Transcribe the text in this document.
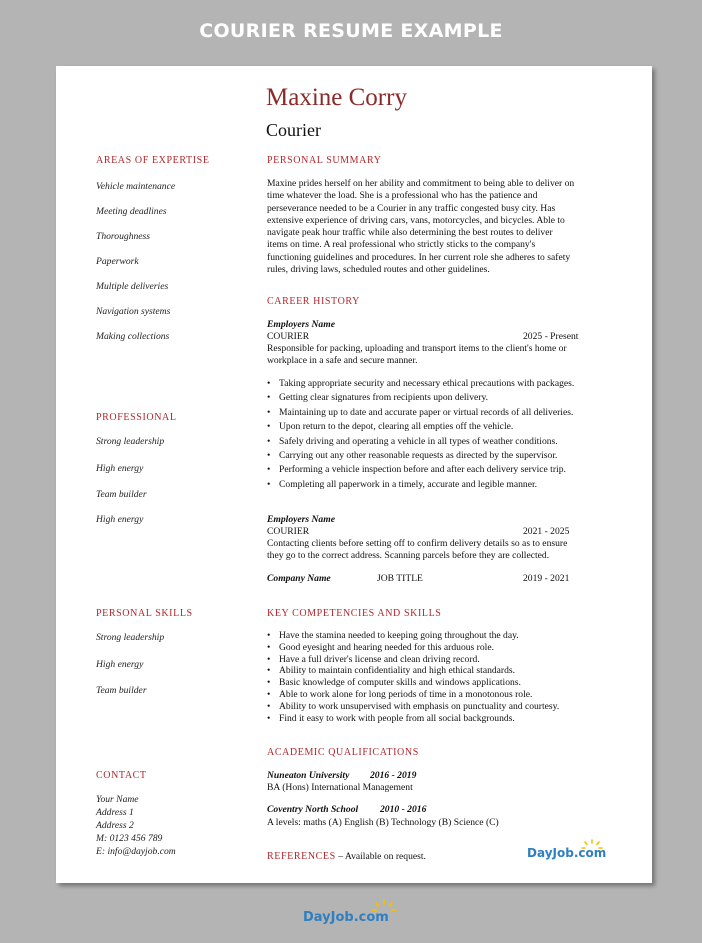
COURIER RESUME EXAMPLE
Maxine Corry
Courier
AREAS OF EXPERTISE
Vehicle maintenance
Meeting deadlines
Thoroughness
Paperwork
Multiple deliveries
Navigation systems
Making collections
PROFESSIONAL
Strong leadership
High energy
Team builder
High energy
PERSONAL SKILLS
Strong leadership
High energy
Team builder
CONTACT
Your Name
Address 1
Address 2
M: 0123 456 789
E: info@dayjob.com
PERSONAL SUMMARY
Maxine prides herself on her ability and commitment to being able to deliver on
time whatever the load. She is a professional who has the patience and
perseverance needed to be a Courier in any traffic congested busy city. Has
extensive experience of driving cars, vans, motorcycles, and bicycles. Able to
navigate peak hour traffic while also determining the best routes to deliver
items on time. A real professional who strictly sticks to the company's
functioning guidelines and procedures. In her current role she adheres to safety
rules, driving laws, scheduled routes and other guidelines.
CAREER HISTORY
Employers Name
COURIER	2025 - Present
Responsible for packing, uploading and transport items to the client's home or
workplace in a safe and secure manner.
• Taking appropriate security and necessary ethical precautions with packages.
• Getting clear signatures from recipients upon delivery.
• Maintaining up to date and accurate paper or virtual records of all deliveries.
• Upon return to the depot, clearing all empties off the vehicle.
• Safely driving and operating a vehicle in all types of weather conditions.
• Carrying out any other reasonable requests as directed by the supervisor.
• Performing a vehicle inspection before and after each delivery service trip.
• Completing all paperwork in a timely, accurate and legible manner.
Employers Name
COURIER	2021 - 2025
Contacting clients before setting off to confirm delivery details so as to ensure
they go to the correct address. Scanning parcels before they are collected.
Company Name	JOB TITLE	2019 - 2021
KEY COMPETENCIES AND SKILLS
• Have the stamina needed to keeping going throughout the day.
• Good eyesight and hearing needed for this arduous role.
• Have a full driver's license and clean driving record.
• Ability to maintain confidentiality and high ethical standards.
• Basic knowledge of computer skills and windows applications.
• Able to work alone for long periods of time in a monotonous role.
• Ability to work unsupervised with emphasis on punctuality and courtesy.
• Find it easy to work with people from all social backgrounds.
ACADEMIC QUALIFICATIONS
Nuneaton University 2016 - 2019
BA (Hons) International Management
Coventry North School 2010 - 2016
A levels: maths (A) English (B) Technology (B) Science (C)
REFERENCES – Available on request.	DayJob.com
DayJob.com
